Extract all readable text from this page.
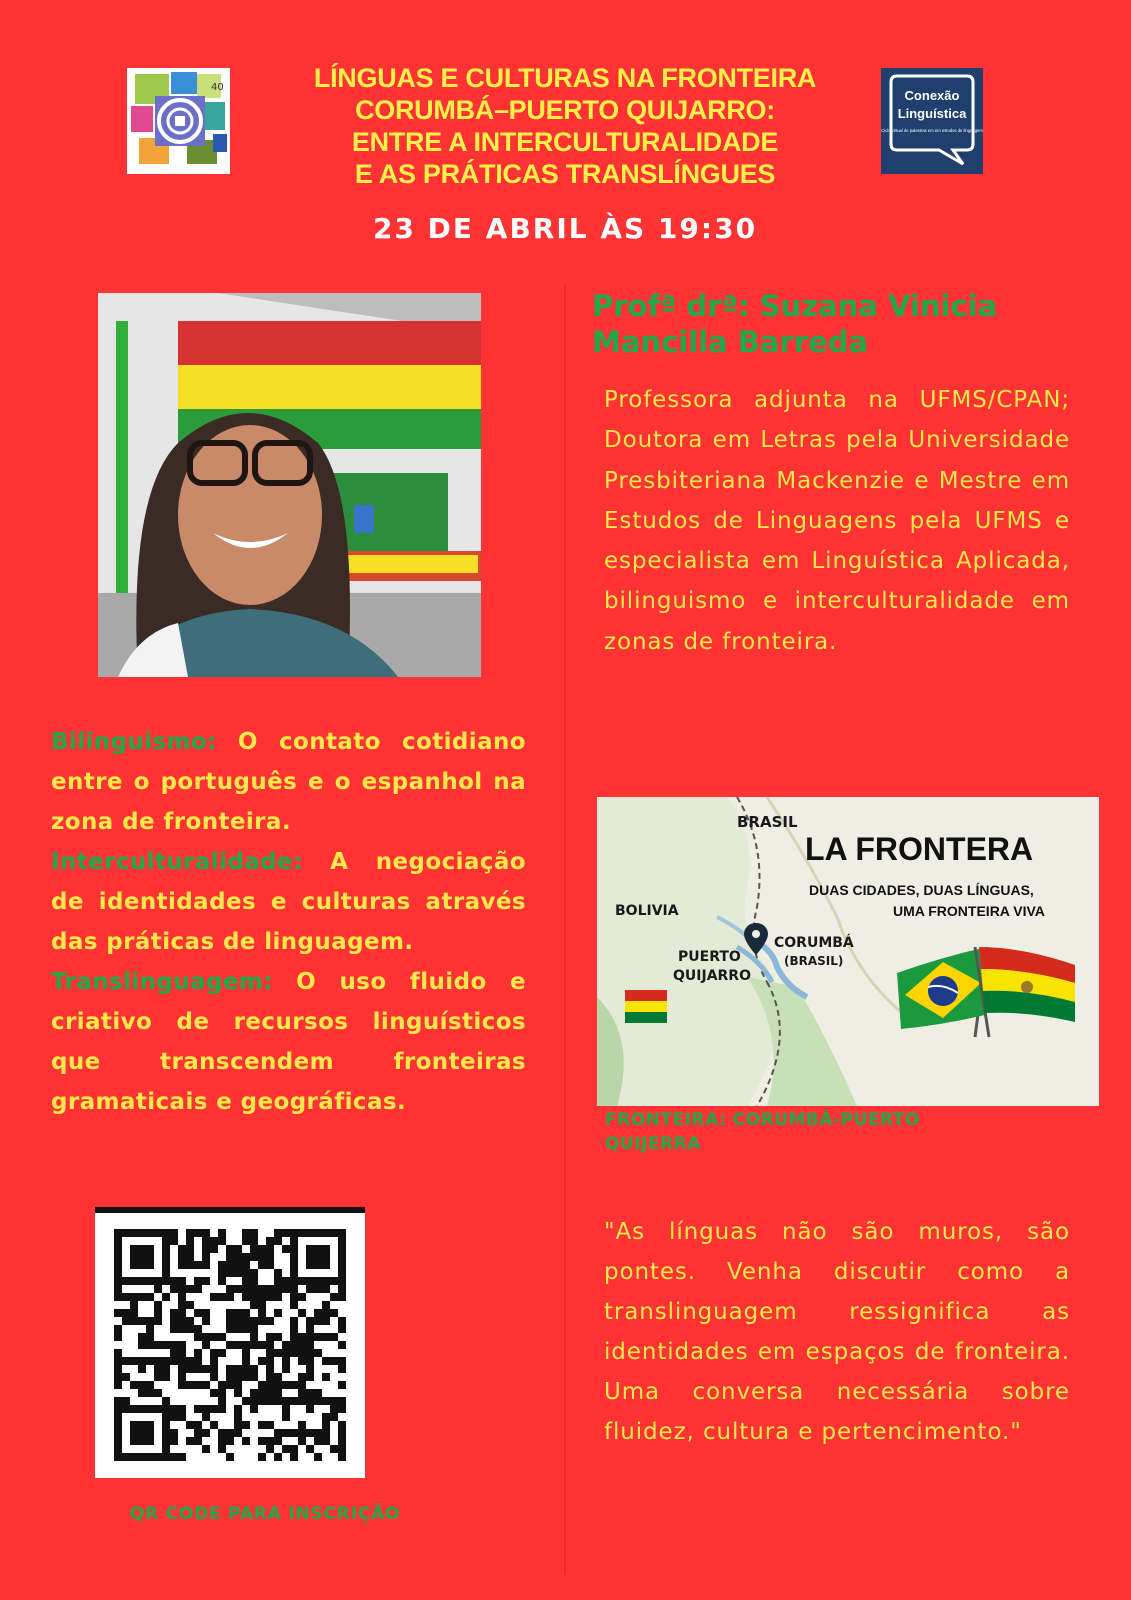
40	LÍNGUAS E CULTURAS NA FRONTEIRA
CORUMBÁ–PUERTO QUIJARRO:
ENTRE A INTERCULTURALIDADE
E AS PRÁTICAS TRANSLÍNGUES
Conexão
Linguística
Ciclo virtual de palestras em em estudos de linguagem
23 DE ABRIL ÀS 19:30
Profª drª: Suzana Vinicia Mancilla Barreda
Professora adjunta na UFMS/CPAN; Doutora em Letras pela Universidade Presbiteriana Mackenzie e Mestre em Estudos de Linguagens pela UFMS e especialista em Linguística Aplicada, bilinguismo e interculturalidade em zonas de fronteira.

Bilinguismo: O contato cotidiano entre o português e o espanhol na zona de fronteira.

Interculturalidade: A negociação de identidades e culturas através das práticas de linguagem.

Translinguagem: O uso fluido e criativo de recursos linguísticos que transcendem fronteiras gramaticais e geográficas.

BRASIL
BOLIVIA
PUERTO
QUIJARRO
CORUMBÁ
(BRASIL)
LA FRONTERA
DUAS CIDADES, DUAS LÍNGUAS,
UMA FRONTEIRA VIVA
FRONTEIRA: CORUMBÁ-PUERTO QUIJERRA
QR CODE PARA INSCRIÇÃO
"As línguas não são muros, são pontes. Venha discutir como a translinguagem ressignifica as identidades em espaços de fronteira. Uma conversa necessária sobre fluidez, cultura e pertencimento."
